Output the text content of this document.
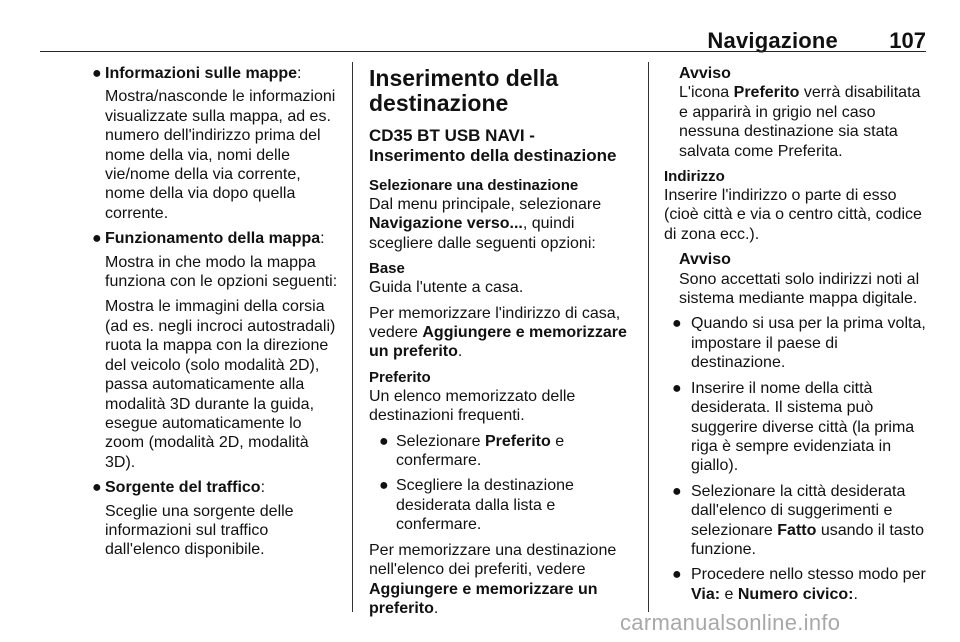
Navigazione 107
● Informazioni sulle mappe:

Mostra/nasconde le informazioni visualizzate sulla mappa, ad es. numero dell'indirizzo prima del nome della via, nomi delle vie/nome della via corrente, nome della via dopo quella corrente.

● Funzionamento della mappa:

Mostra in che modo la mappa funziona con le opzioni seguenti:

Mostra le immagini della corsia (ad es. negli incroci autostradali) ruota la mappa con la direzione del veicolo (solo modalità 2D), passa automaticamente alla modalità 3D durante la guida, esegue automaticamente lo zoom (modalità 2D, modalità 3D).

● Sorgente del traffico:

Sceglie una sorgente delle informazioni sul traffico dall'elenco disponibile.

Inserimento della destinazione
CD35 BT USB NAVI - Inserimento della destinazione
Selezionare una destinazione

Dal menu principale, selezionare Navigazione verso..., quindi scegliere dalle seguenti opzioni:

Base

Guida l'utente a casa.

Per memorizzare l'indirizzo di casa, vedere Aggiungere e memorizzare un preferito.

Preferito

Un elenco memorizzato delle destinazioni frequenti.

● Selezionare Preferito e confermare.
● Scegliere la destinazione desiderata dalla lista e confermare.

Per memorizzare una destinazione nell'elenco dei preferiti, vedere Aggiungere e memorizzare un preferito.

Avviso

L'icona Preferito verrà disabilitata e apparirà in grigio nel caso nessuna destinazione sia stata salvata come Preferita.

Indirizzo

Inserire l'indirizzo o parte di esso (cioè città e via o centro città, codice di zona ecc.).

Avviso

Sono accettati solo indirizzi noti al sistema mediante mappa digitale.

● Quando si usa per la prima volta, impostare il paese di destinazione.
● Inserire il nome della città desiderata. Il sistema può suggerire diverse città (la prima riga è sempre evidenziata in giallo).
● Selezionare la città desiderata dall'elenco di suggerimenti e selezionare Fatto usando il tasto funzione.
● Procedere nello stesso modo per Via: e Numero civico:.
carmanualsonline.info
